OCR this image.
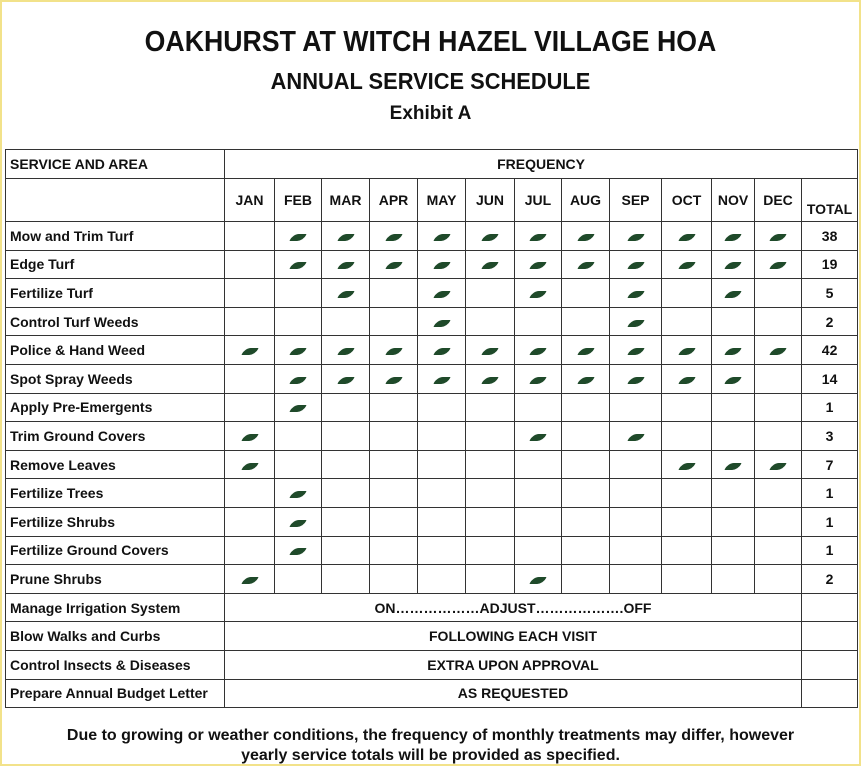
OAKHURST AT WITCH HAZEL VILLAGE HOA
ANNUAL SERVICE SCHEDULE
Exhibit A
SERVICE AND AREA	FREQUENCY												
	JAN	FEB	MAR	APR	MAY	JUN	JUL	AUG	SEP	OCT	NOV	DEC	TOTAL
Mow and Trim Turf													38
Edge Turf													19
Fertilize Turf													5
Control Turf Weeds													2
Police & Hand Weed													42
Spot Spray Weeds													14
Apply Pre-Emergents													1
Trim Ground Covers													3
Remove Leaves													7
Fertilize Trees													1
Fertilize Shrubs													1
Fertilize Ground Covers													1
Prune Shrubs													2
Manage Irrigation System	ON………………ADJUST……………….OFF												
Blow Walks and Curbs	FOLLOWING EACH VISIT												
Control Insects & Diseases	EXTRA UPON APPROVAL												
Prepare Annual Budget Letter	AS REQUESTED												
Due to growing or weather conditions, the frequency of monthly treatments may differ, however
yearly service totals will be provided as specified.
